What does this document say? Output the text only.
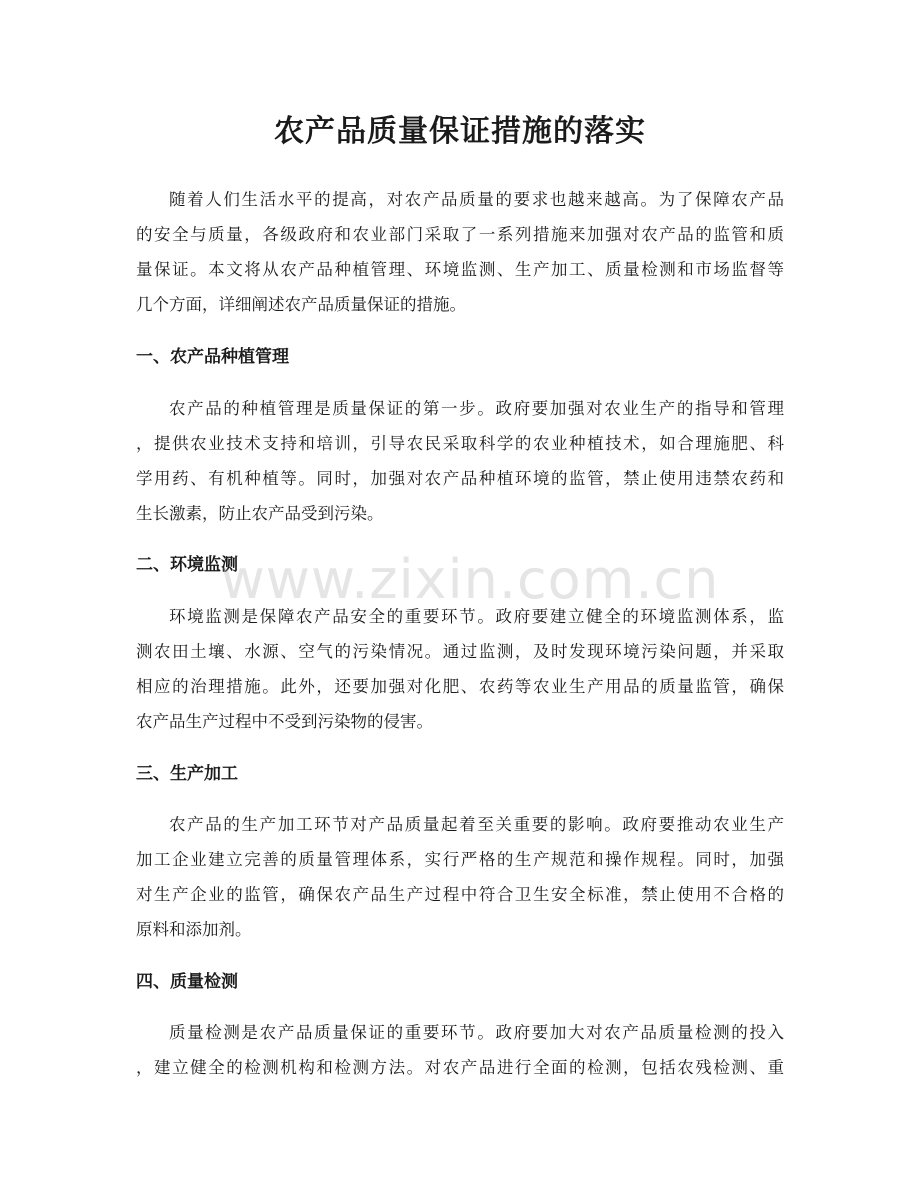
农产品质量保证措施的落实
随着人们生活水平的提高，对农产品质量的要求也越来越高。为了保障农产品
的安全与质量，各级政府和农业部门采取了一系列措施来加强对农产品的监管和质
量保证。本文将从农产品种植管理、环境监测、生产加工、质量检测和市场监督等
几个方面，详细阐述农产品质量保证的措施。
一、农产品种植管理
农产品的种植管理是质量保证的第一步。政府要加强对农业生产的指导和管理
，提供农业技术支持和培训，引导农民采取科学的农业种植技术，如合理施肥、科
学用药、有机种植等。同时，加强对农产品种植环境的监管，禁止使用违禁农药和
生长激素，防止农产品受到污染。
二、环境监测
环境监测是保障农产品安全的重要环节。政府要建立健全的环境监测体系，监
测农田土壤、水源、空气的污染情况。通过监测，及时发现环境污染问题，并采取
相应的治理措施。此外，还要加强对化肥、农药等农业生产用品的质量监管，确保
农产品生产过程中不受到污染物的侵害。
三、生产加工
农产品的生产加工环节对产品质量起着至关重要的影响。政府要推动农业生产
加工企业建立完善的质量管理体系，实行严格的生产规范和操作规程。同时，加强
对生产企业的监管，确保农产品生产过程中符合卫生安全标准，禁止使用不合格的
原料和添加剂。
四、质量检测
质量检测是农产品质量保证的重要环节。政府要加大对农产品质量检测的投入
，建立健全的检测机构和检测方法。对农产品进行全面的检测，包括农残检测、重
www.zixin.com.cn
